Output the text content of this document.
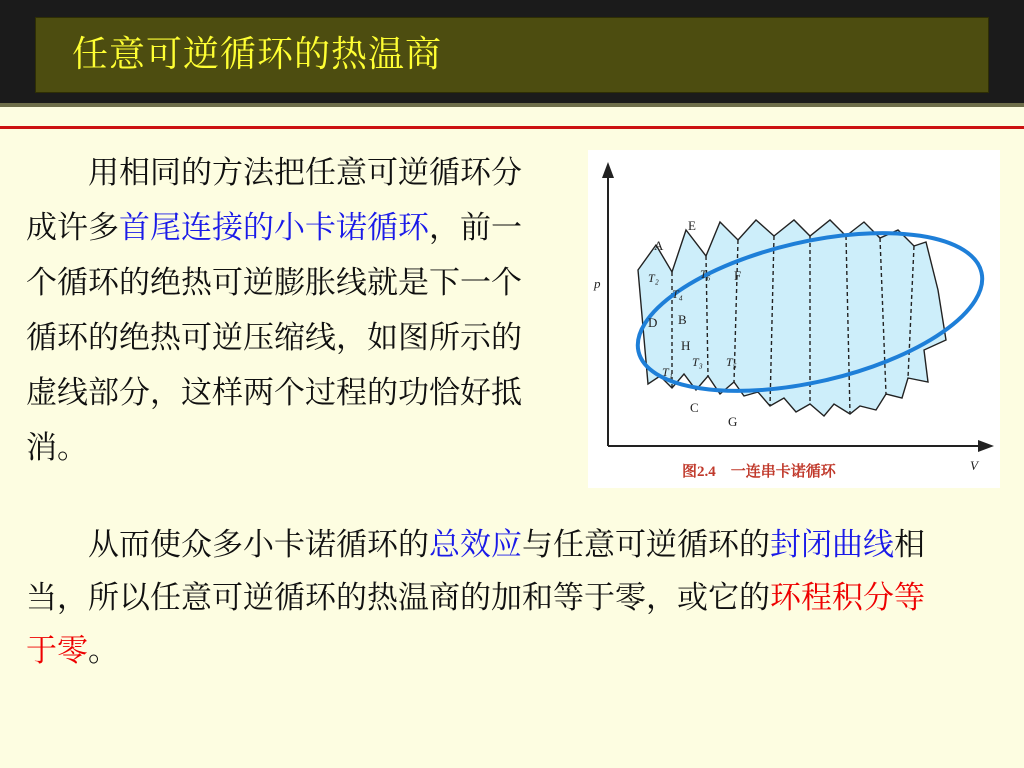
任意可逆循环的热温商
  用相同的方法把任意可逆循环分成许多首尾连接的小卡诺循环，前一个循环的绝热可逆膨胀线就是下一个循环的绝热可逆压缩线，如图所示的虚线部分，这样两个过程的功恰好抵消。
  从而使众多小卡诺循环的总效应与任意可逆循环的封闭曲线相当，所以任意可逆循环的热温商的加和等于零，或它的环程积分等于零。
p
V
A
E
F
D B
H
C
G
T₂
T₄
T₆
T₁
T₃ T₅
图2.4　一连串卡诺循环
